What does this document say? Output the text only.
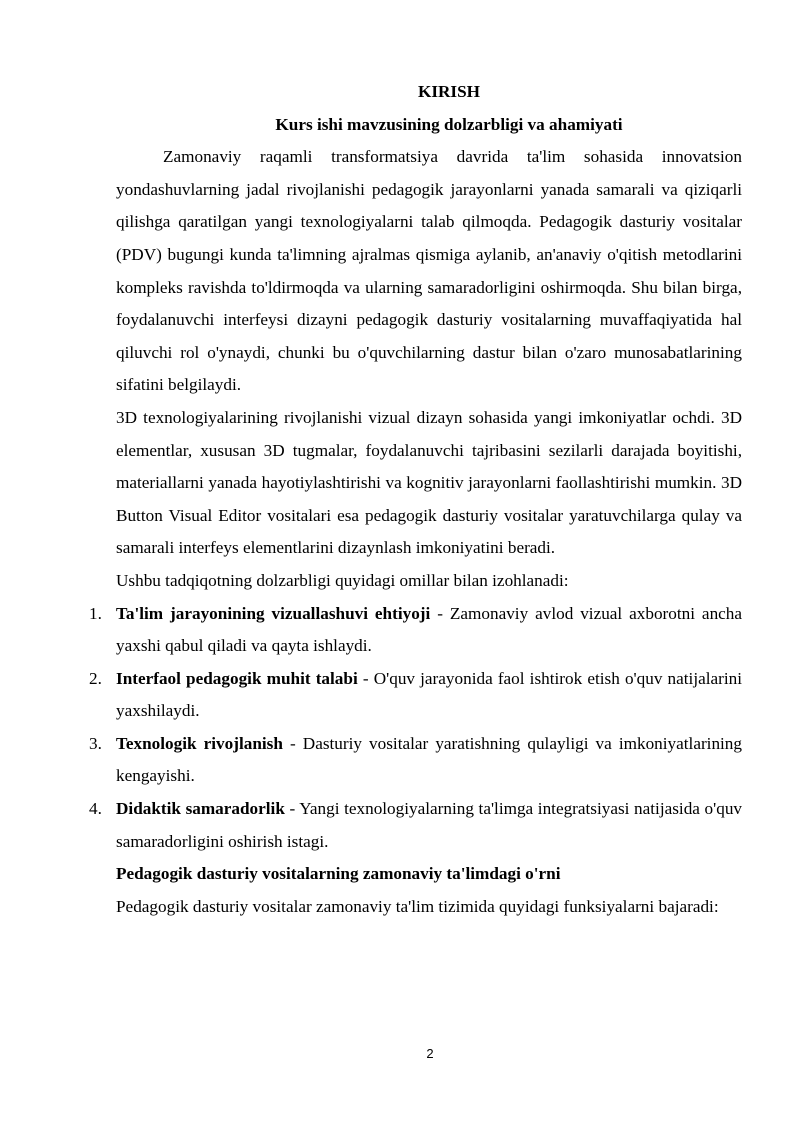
KIRISH

Kurs ishi mavzusining dolzarbligi va ahamiyati

Zamonaviy raqamli transformatsiya davrida ta'lim sohasida innovatsion yondashuvlarning jadal rivojlanishi pedagogik jarayonlarni yanada samarali va qiziqarli qilishga qaratilgan yangi texnologiyalarni talab qilmoqda. Pedagogik dasturiy vositalar (PDV) bugungi kunda ta'limning ajralmas qismiga aylanib, an'anaviy o'qitish metodlarini kompleks ravishda to'ldirmoqda va ularning samaradorligini oshirmoqda. Shu bilan birga, foydalanuvchi interfeysi dizayni pedagogik dasturiy vositalarning muvaffaqiyatida hal qiluvchi rol o'ynaydi, chunki bu o'quvchilarning dastur bilan o'zaro munosabatlarining sifatini belgilaydi.

3D texnologiyalarining rivojlanishi vizual dizayn sohasida yangi imkoniyatlar ochdi. 3D elementlar, xususan 3D tugmalar, foydalanuvchi tajribasini sezilarli darajada boyitishi, materiallarni yanada hayotiylashtirishi va kognitiv jarayonlarni faollashtirishi mumkin. 3D Button Visual Editor vositalari esa pedagogik dasturiy vositalar yaratuvchilarga qulay va samarali interfeys elementlarini dizaynlash imkoniyatini beradi.

Ushbu tadqiqotning dolzarbligi quyidagi omillar bilan izohlanadi:

1. Ta'lim jarayonining vizuallashuvi ehtiyoji - Zamonaviy avlod vizual axborotni ancha yaxshi qabul qiladi va qayta ishlaydi.
2. Interfaol pedagogik muhit talabi - O'quv jarayonida faol ishtirok etish o'quv natijalarini yaxshilaydi.
3. Texnologik rivojlanish - Dasturiy vositalar yaratishning qulayligi va imkoniyatlarining kengayishi.
4. Didaktik samaradorlik - Yangi texnologiyalarning ta'limga integratsiyasi natijasida o'quv samaradorligini oshirish istagi.

Pedagogik dasturiy vositalarning zamonaviy ta'limdagi o'rni

Pedagogik dasturiy vositalar zamonaviy ta'lim tizimida quyidagi funksiyalarni bajaradi:

2
